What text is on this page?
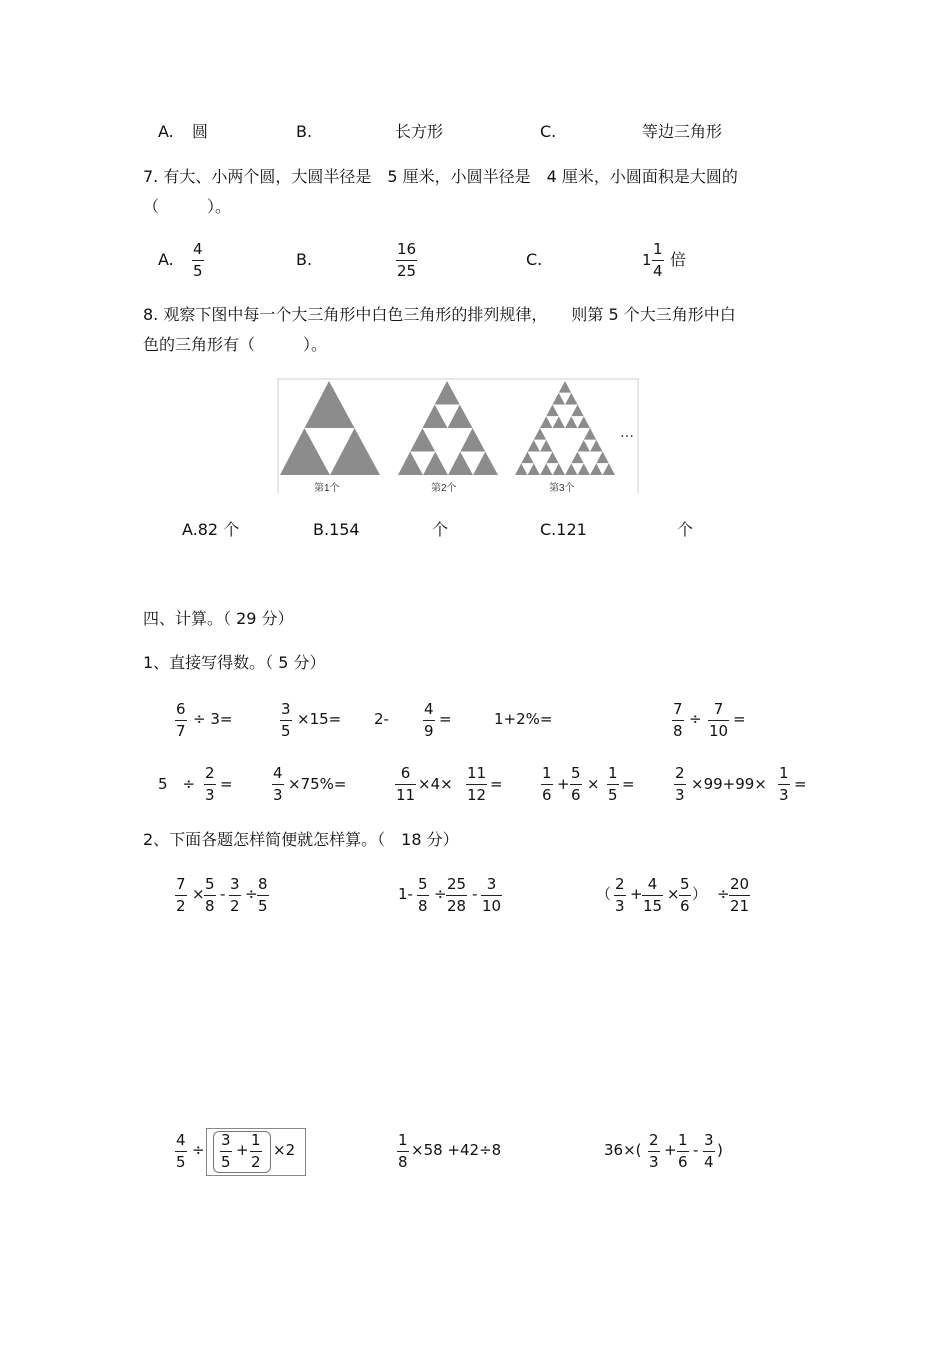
A. 圆	B.	长方形	C.	等边三角形
7. 有大、小两个圆，大圆半径是　5 厘米，小圆半径是　4 厘米，小圆面积是大圆的
（　　　）。
A. $\frac{4}{5}$	B.	$\frac{16}{25}$	C.	$1 \frac{1}{4}$ 倍
8. 观察下图中每一个大三角形中白色三角形的排列规律，　　则第 5 个大三角形中白
色的三角形有（　　　）。
第1个	第2个	第3个
…
A.82 个	B.154	个	C.121	个
四、计算。（ 29 分）
1、直接写得数。（ 5 分）
$\frac{6}{7} \div 3=$	$\frac{3}{5} \times 15= 2- \frac{4}{9}$ =	1+2%=	$\frac{7}{8} \div \frac{7}{10}$ =
5　÷ $\frac{2}{3}$ =	$\frac{4}{3} \times 75\%=$	$\frac{6}{11} \times 4\times \frac{11}{12}$ =	$\frac{1}{6} + \frac{5}{6} \times \frac{1}{5}$ =	$\frac{2}{3} \times 99+99\times \frac{1}{3}$ =
2、下面各题怎样简便就怎样算。（　18 分）
$\frac{7}{2} \times \frac{5}{8} - \frac{3}{2} \div \frac{8}{5}$	$1- \frac{5}{8} \div \frac{25}{28} - \frac{3}{10}$	（ $\frac{2}{3} + \frac{4}{15} \times \frac{5}{6}$ ） ÷ $\frac{20}{21}$
$\frac{4}{5} \div \frac{3}{5} + \frac{1}{2} \times 2$	$\frac{1}{8} \times 58 +42\div 8$	$36\times( \frac{2}{3} + \frac{1}{6} - \frac{3}{4}$ )
